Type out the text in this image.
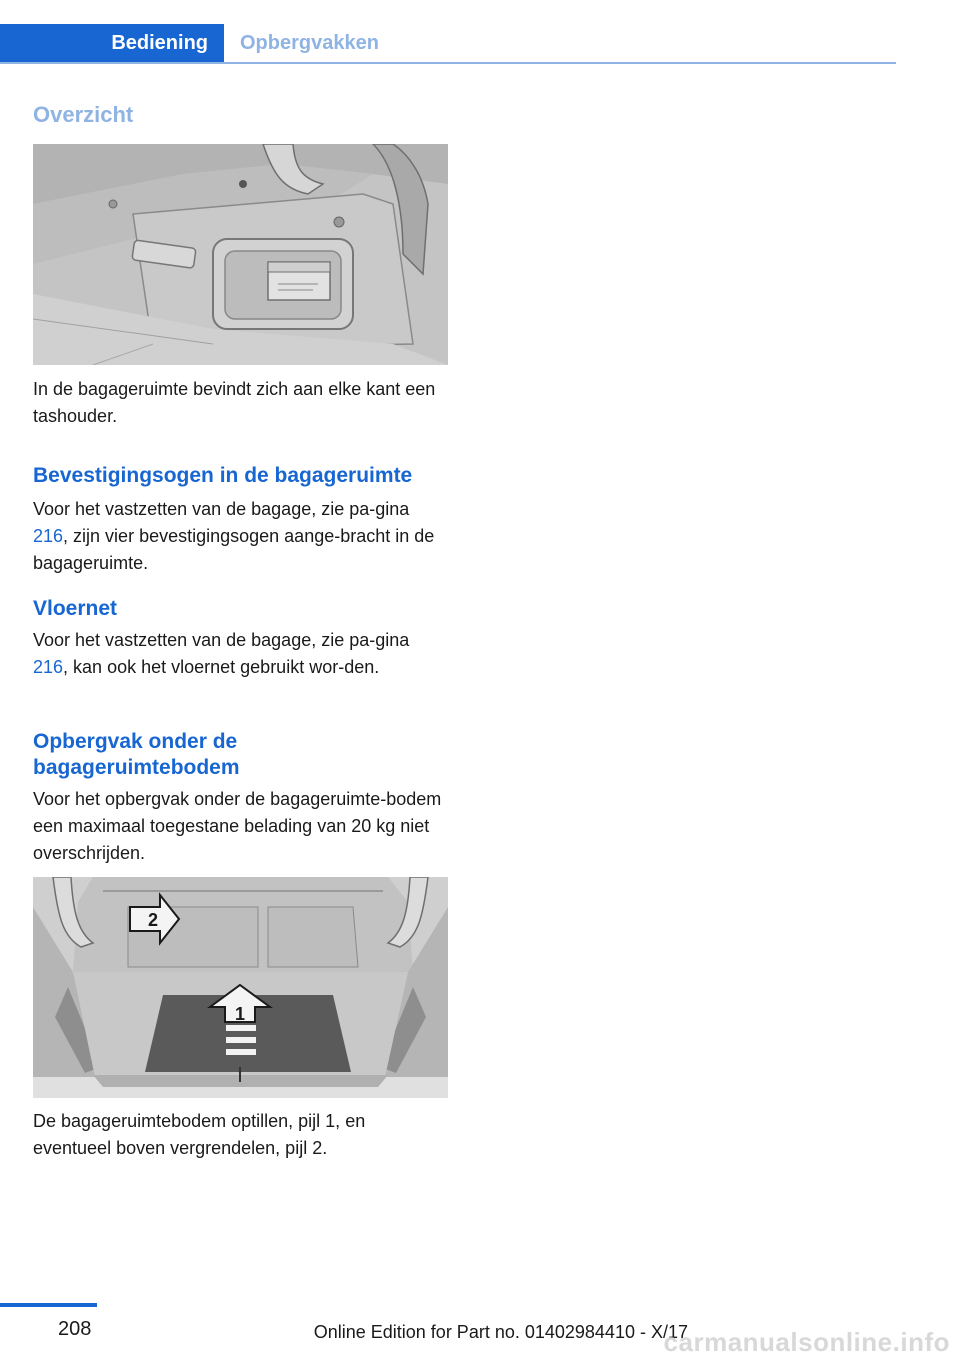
Bediening	Opbergvakken
Overzicht
In de bagageruimte bevindt zich aan elke kant een tashouder.
Bevestigingsogen in de bagageruimte
Voor het vastzetten van de bagage, zie pa-gina 216, zijn vier bevestigingsogen aange-bracht in de bagageruimte.
Vloernet
Voor het vastzetten van de bagage, zie pa-gina 216, kan ook het vloernet gebruikt wor-den.
Opbergvak onder de bagageruimtebodem
Voor het opbergvak onder de bagageruimte-bodem een maximaal toegestane belading van 20 kg niet overschrijden.
1
2
De bagageruimtebodem optillen, pijl 1, en eventueel boven vergrendelen, pijl 2.
208	Online Edition for Part no. 01402984410 - X/17
carmanualsonline.info
